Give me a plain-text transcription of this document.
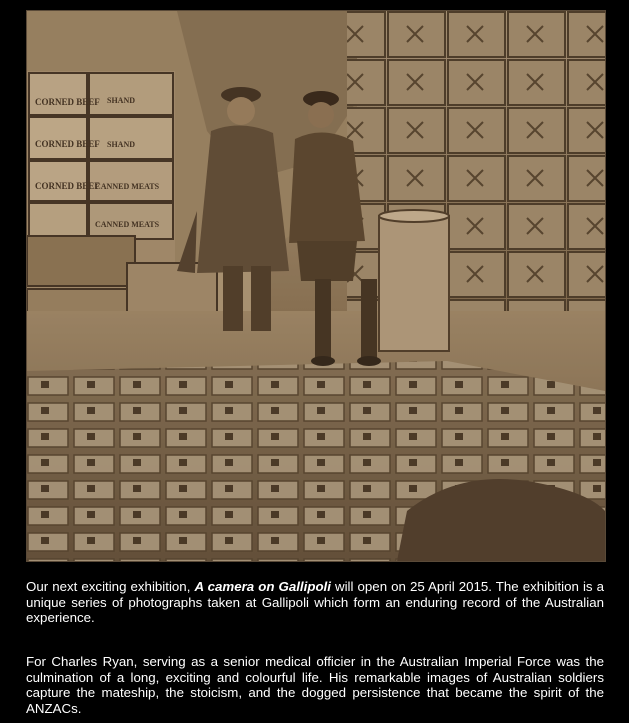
CORNED BEEF
CORNED BEEF
CORNED BEEF
CANNED MEATS
CANNED MEATS
SHAND
SHAND
Our next exciting exhibition, A camera on Gallipoli will open on 25 April 2015. The exhibition is a unique series of photographs taken at Gallipoli which form an enduring record of the Australian experience.
For Charles Ryan, serving as a senior medical officier in the Australian Imperial Force was the culmination of a long, exciting and colourful life. His remarkable images of Australian soldiers capture the mateship, the stoicism, and the dogged persistence that became the spirit of the ANZACs.
